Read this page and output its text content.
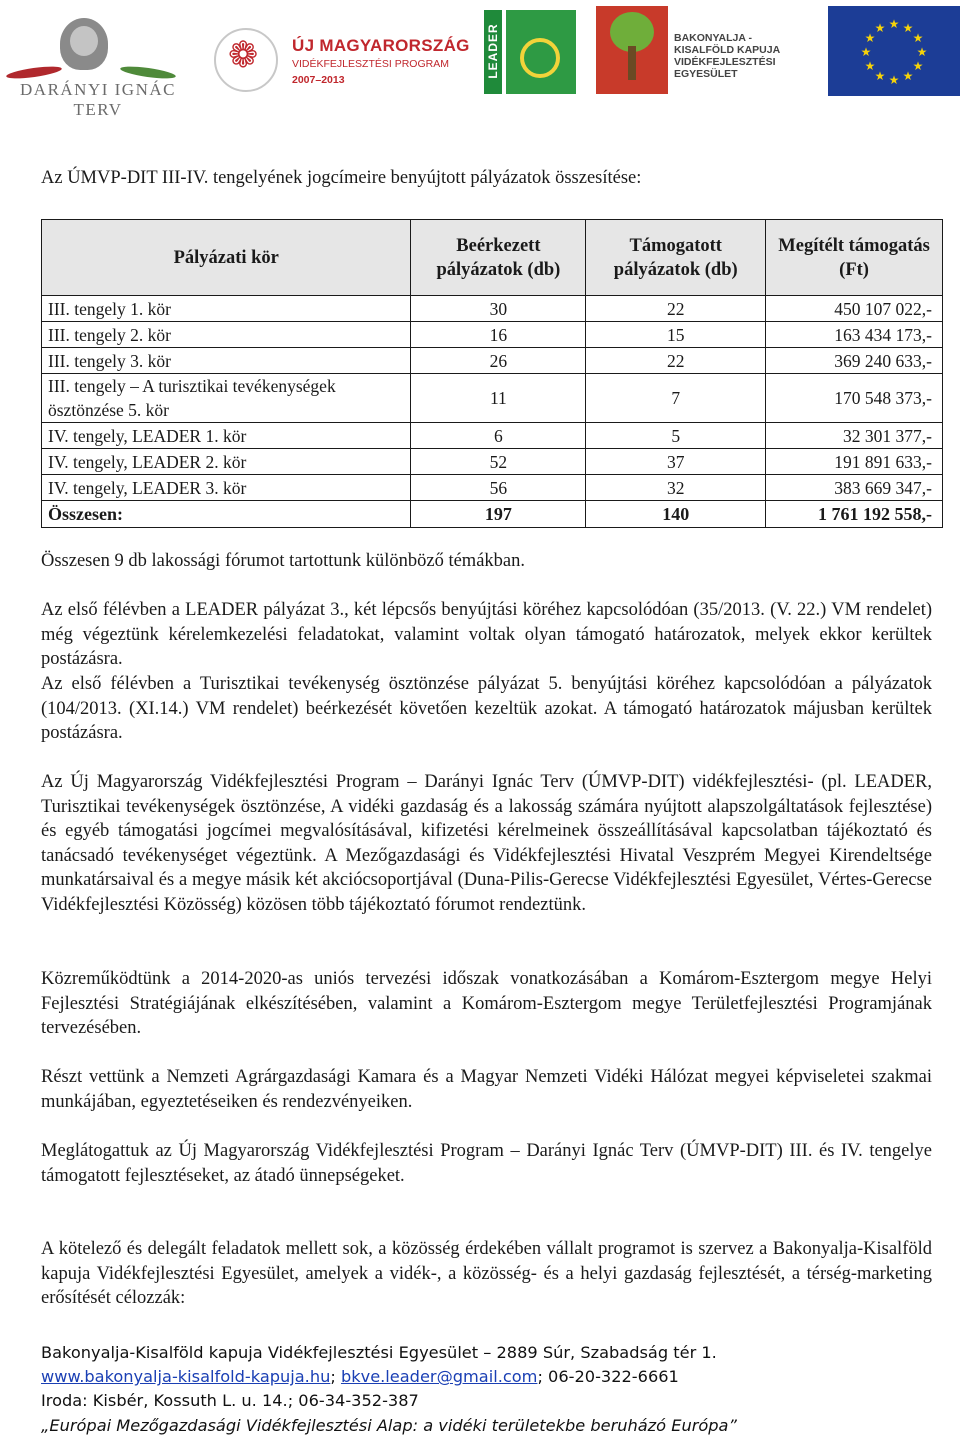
DARÁNYI IGNÁC TERV
❁
ÚJ MAGYARORSZÁG
VIDÉKFEJLESZTÉSI PROGRAM
2007–2013
LEADER	BAKONYALJA - KISALFÖLD KAPUJA VIDÉKFEJLESZTÉSI EGYESÜLET
★ ★
★
★
★
★
★
★
★
★
★
★
Az ÚMVP-DIT III-IV. tengelyének jogcímeire benyújtott pályázatok összesítése:
Pályázati kör	Beérkezett pályázatok (db)	Támogatott pályázatok (db)	Megítélt támogatás (Ft)
III. tengely 1. kör	30	22	450 107 022,-
III. tengely 2. kör	16	15	163 434 173,-
III. tengely 3. kör	26	22	369 240 633,-
III. tengely – A turisztikai tevékenységek ösztönzése 5. kör	11	7	170 548 373,-
IV. tengely, LEADER 1. kör	6	5	32 301 377,-
IV. tengely, LEADER 2. kör	52	37	191 891 633,-
IV. tengely, LEADER 3. kör	56	32	383 669 347,-
Összesen:	197	140	1 761 192 558,-
Összesen 9 db lakossági fórumot tartottunk különböző témákban.
Az első félévben a LEADER pályázat 3., két lépcsős benyújtási köréhez kapcsolódóan (35/2013. (V. 22.) VM rendelet) még végeztünk kérelemkezelési feladatokat, valamint voltak olyan támogató határozatok, melyek ekkor kerültek postázásra.
Az első félévben a Turisztikai tevékenység ösztönzése pályázat 5. benyújtási köréhez kapcsolódóan a pályázatok (104/2013. (XI.14.) VM rendelet) beérkezését követően kezeltük azokat. A támogató határozatok májusban kerültek postázásra.
Az Új Magyarország Vidékfejlesztési Program – Darányi Ignác Terv (ÚMVP-DIT) vidékfejlesztési- (pl. LEADER, Turisztikai tevékenységek ösztönzése, A vidéki gazdaság és a lakosság számára nyújtott alapszolgáltatások fejlesztése) és egyéb támogatási jogcímei megvalósításával, kifizetési kérelmeinek összeállításával kapcsolatban tájékoztató és tanácsadó tevékenységet végeztünk. A Mezőgazdasági és Vidékfejlesztési Hivatal Veszprém Megyei Kirendeltsége munkatársaival és a megye másik két akciócsoportjával (Duna-Pilis-Gerecse Vidékfejlesztési Egyesület, Vértes-Gerecse Vidékfejlesztési Közösség) közösen több tájékoztató fórumot rendeztünk.
Közreműködtünk a 2014-2020-as uniós tervezési időszak vonatkozásában a Komárom-Esztergom megye Helyi Fejlesztési Stratégiájának elkészítésében, valamint a Komárom-Esztergom megye Területfejlesztési Programjának tervezésében.
Részt vettünk a Nemzeti Agrárgazdasági Kamara és a Magyar Nemzeti Vidéki Hálózat megyei képviseletei szakmai munkájában, egyeztetéseiken és rendezvényeiken.
Meglátogattuk az Új Magyarország Vidékfejlesztési Program – Darányi Ignác Terv (ÚMVP-DIT) III. és IV. tengelye támogatott fejlesztéseket, az átadó ünnepségeket.
A kötelező és delegált feladatok mellett sok, a közösség érdekében vállalt programot is szervez a Bakonyalja-Kisalföld kapuja Vidékfejlesztési Egyesület, amelyek a vidék-, a közösség- és a helyi gazdaság fejlesztését, a térség-marketing erősítését célozzák:
Bakonyalja-Kisalföld kapuja Vidékfejlesztési Egyesület – 2889 Súr, Szabadság tér 1.
www.bakonyalja-kisalfold-kapuja.hu; bkve.leader@gmail.com; 06-20-322-6661
Iroda: Kisbér, Kossuth L. u. 14.; 06-34-352-387
„Európai Mezőgazdasági Vidékfejlesztési Alap: a vidéki területekbe beruházó Európa”
